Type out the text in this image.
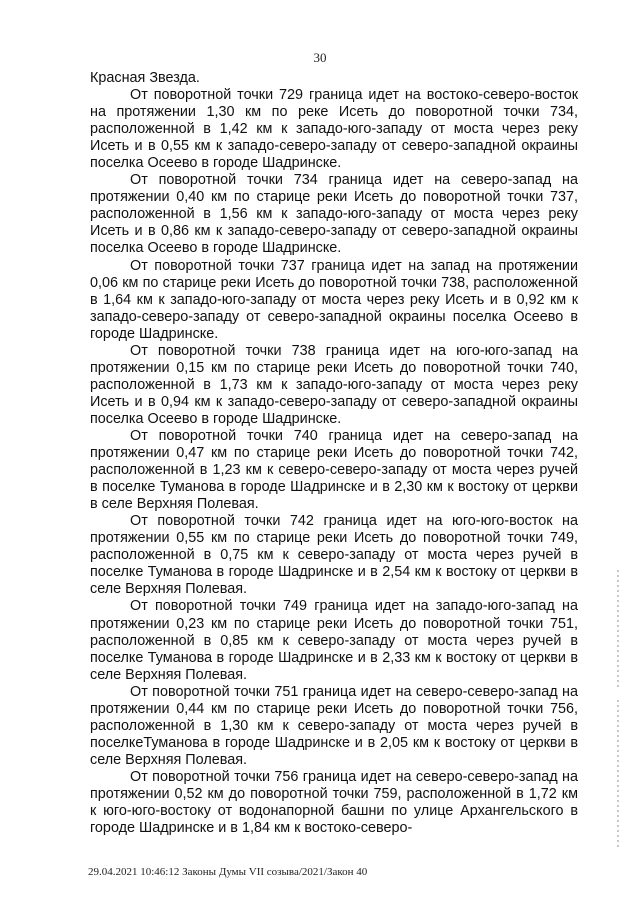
30

Красная Звезда.

От поворотной точки 729 граница идет на востоко-северо-восток на протяжении 1,30 км по реке Исеть до поворотной точки 734, расположенной в 1,42 км к западо-юго-западу от моста через реку Исеть и в 0,55 км к западо-северо-западу от северо-западной окраины поселка Осеево в городе Шадринске.

От поворотной точки 734 граница идет на северо-запад на протяжении 0,40 км по старице реки Исеть до поворотной точки 737, расположенной в 1,56 км к западо-юго-западу от моста через реку Исеть и в 0,86 км к западо-северо-западу от северо-западной окраины поселка Осеево в городе Шадринске.

От поворотной точки 737 граница идет на запад на протяжении 0,06 км по старице реки Исеть до поворотной точки 738, расположенной в 1,64 км к западо-юго-западу от моста через реку Исеть и в 0,92 км к западо-северо-западу от северо-западной окраины поселка Осеево в городе Шадринске.

От поворотной точки 738 граница идет на юго-юго-запад на протяжении 0,15 км по старице реки Исеть до поворотной точки 740, расположенной в 1,73 км к западо-юго-западу от моста через реку Исеть и в 0,94 км к западо-северо-западу от северо-западной окраины поселка Осеево в городе Шадринске.

От поворотной точки 740 граница идет на северо-запад на протяжении 0,47 км по старице реки Исеть до поворотной точки 742, расположенной в 1,23 км к северо-северо-западу от моста через ручей в поселке Туманова в городе Шадринске и в 2,30 км к востоку от церкви в селе Верхняя Полевая.

От поворотной точки 742 граница идет на юго-юго-восток на протяжении 0,55 км по старице реки Исеть до поворотной точки 749, расположенной в 0,75 км к северо-западу от моста через ручей в поселке Туманова в городе Шадринске и в 2,54 км к востоку от церкви в селе Верхняя Полевая.

От поворотной точки 749 граница идет на западо-юго-запад на протяжении 0,23 км по старице реки Исеть до поворотной точки 751, расположенной в 0,85 км к северо-западу от моста через ручей в поселке Туманова в городе Шадринске и в 2,33 км к востоку от церкви в селе Верхняя Полевая.

От поворотной точки 751 граница идет на северо-северо-запад на протяжении 0,44 км по старице реки Исеть до поворотной точки 756, расположенной в 1,30 км к северо-западу от моста через ручей в поселкеТуманова в городе Шадринске и в 2,05 км к востоку от церкви в селе Верхняя Полевая.

От поворотной точки 756 граница идет на северо-северо-запад на протяжении 0,52 км до поворотной точки 759, расположенной в 1,72 км к юго-юго-востоку от водонапорной башни по улице Архангельского в городе Шадринске и в 1,84 км к востоко-северо-

29.04.2021 10:46:12 Законы Думы VII созыва/2021/Закон 40
